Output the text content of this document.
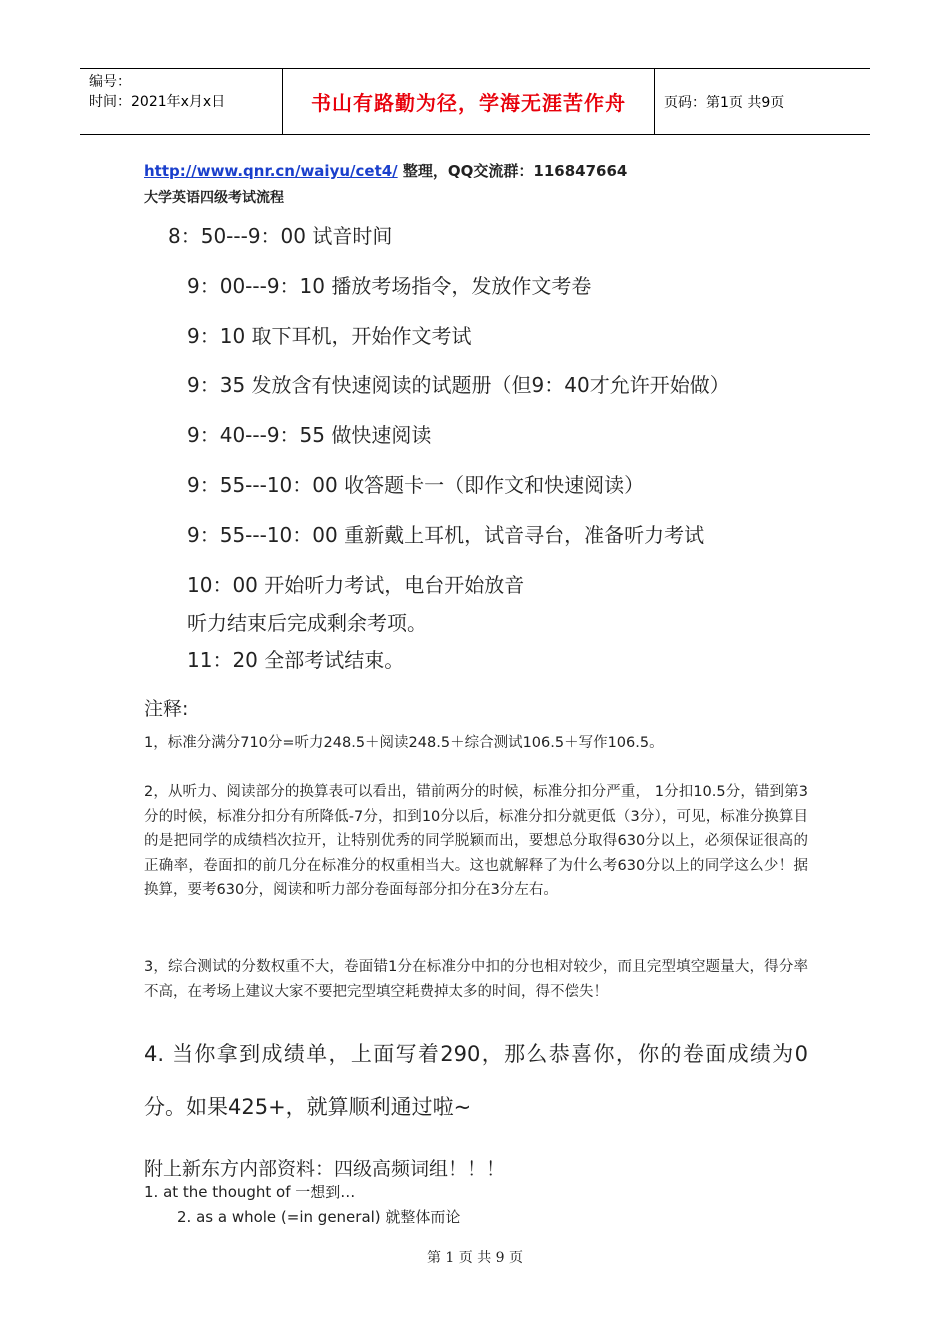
编号：
时间：2021年x月x日	书山有路勤为径，学海无涯苦作舟	页码：第1页 共9页
http://www.qnr.cn/waiyu/cet4/ 整理，QQ交流群：116847664
大学英语四级考试流程
8：50---9：00 试音时间
9：00---9：10 播放考场指令，发放作文考卷
9：10 取下耳机，开始作文考试
9：35 发放含有快速阅读的试题册（但9：40才允许开始做）
9：40---9：55 做快速阅读
9：55---10：00 收答题卡一（即作文和快速阅读）
9：55---10：00 重新戴上耳机，试音寻台，准备听力考试
10：00 开始听力考试，电台开始放音
听力结束后完成剩余考项。
11：20 全部考试结束。
注释:
1，标准分满分710分=听力248.5＋阅读248.5＋综合测试106.5＋写作106.5。
2，从听力、阅读部分的换算表可以看出，错前两分的时候，标准分扣分严重， 1分扣10.5分，错到第3分的时候，标准分扣分有所降低-7分，扣到10分以后，标准分扣分就更低（3分），可见，标准分换算目的是把同学的成绩档次拉开，让特别优秀的同学脱颖而出，要想总分取得630分以上，必须保证很高的正确率，卷面扣的前几分在标准分的权重相当大。这也就解释了为什么考630分以上的同学这么少！据换算，要考630分，阅读和听力部分卷面每部分扣分在3分左右。
3，综合测试的分数权重不大，卷面错1分在标准分中扣的分也相对较少，而且完型填空题量大，得分率不高，在考场上建议大家不要把完型填空耗费掉太多的时间，得不偿失！
4. 当你拿到成绩单，上面写着290，那么恭喜你，你的卷面成绩为0分。如果425+，就算顺利通过啦~
附上新东方内部资料：四级高频词组！！！
1. at the thought of 一想到…
2. as a whole (=in general) 就整体而论
第 1 页 共 9 页
